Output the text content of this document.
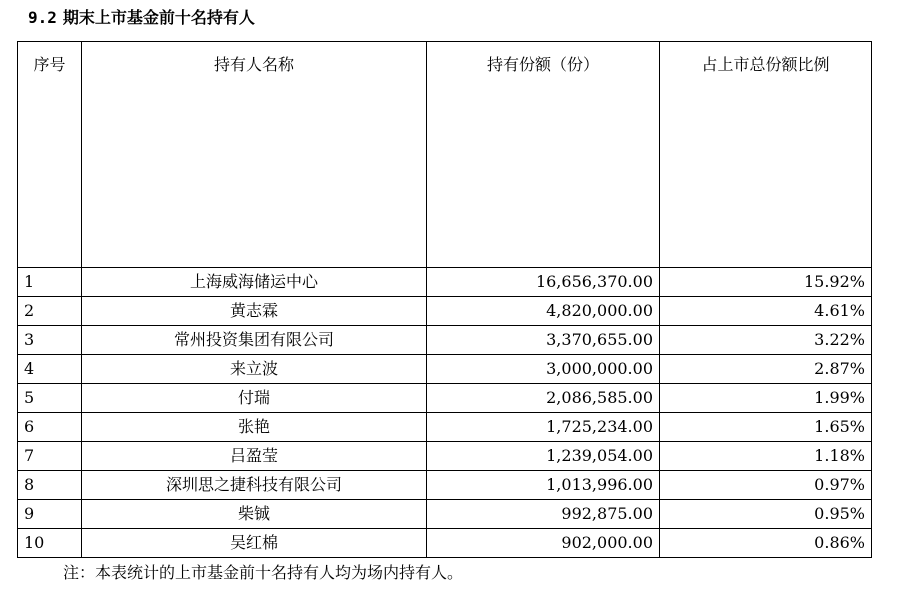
9.2 期末上市基金前十名持有人
序号	持有人名称	持有份额（份）	占上市总份额比例
1	上海威海储运中心	16,656,370.00	15.92%
2	黄志霖	4,820,000.00	4.61%
3	常州投资集团有限公司	3,370,655.00	3.22%
4	来立波	3,000,000.00	2.87%
5	付瑞	2,086,585.00	1.99%
6	张艳	1,725,234.00	1.65%
7	吕盈莹	1,239,054.00	1.18%
8	深圳思之捷科技有限公司	1,013,996.00	0.97%
9	柴铖	992,875.00	0.95%
10	吴红棉	902,000.00	0.86%
注：本表统计的上市基金前十名持有人均为场内持有人。
